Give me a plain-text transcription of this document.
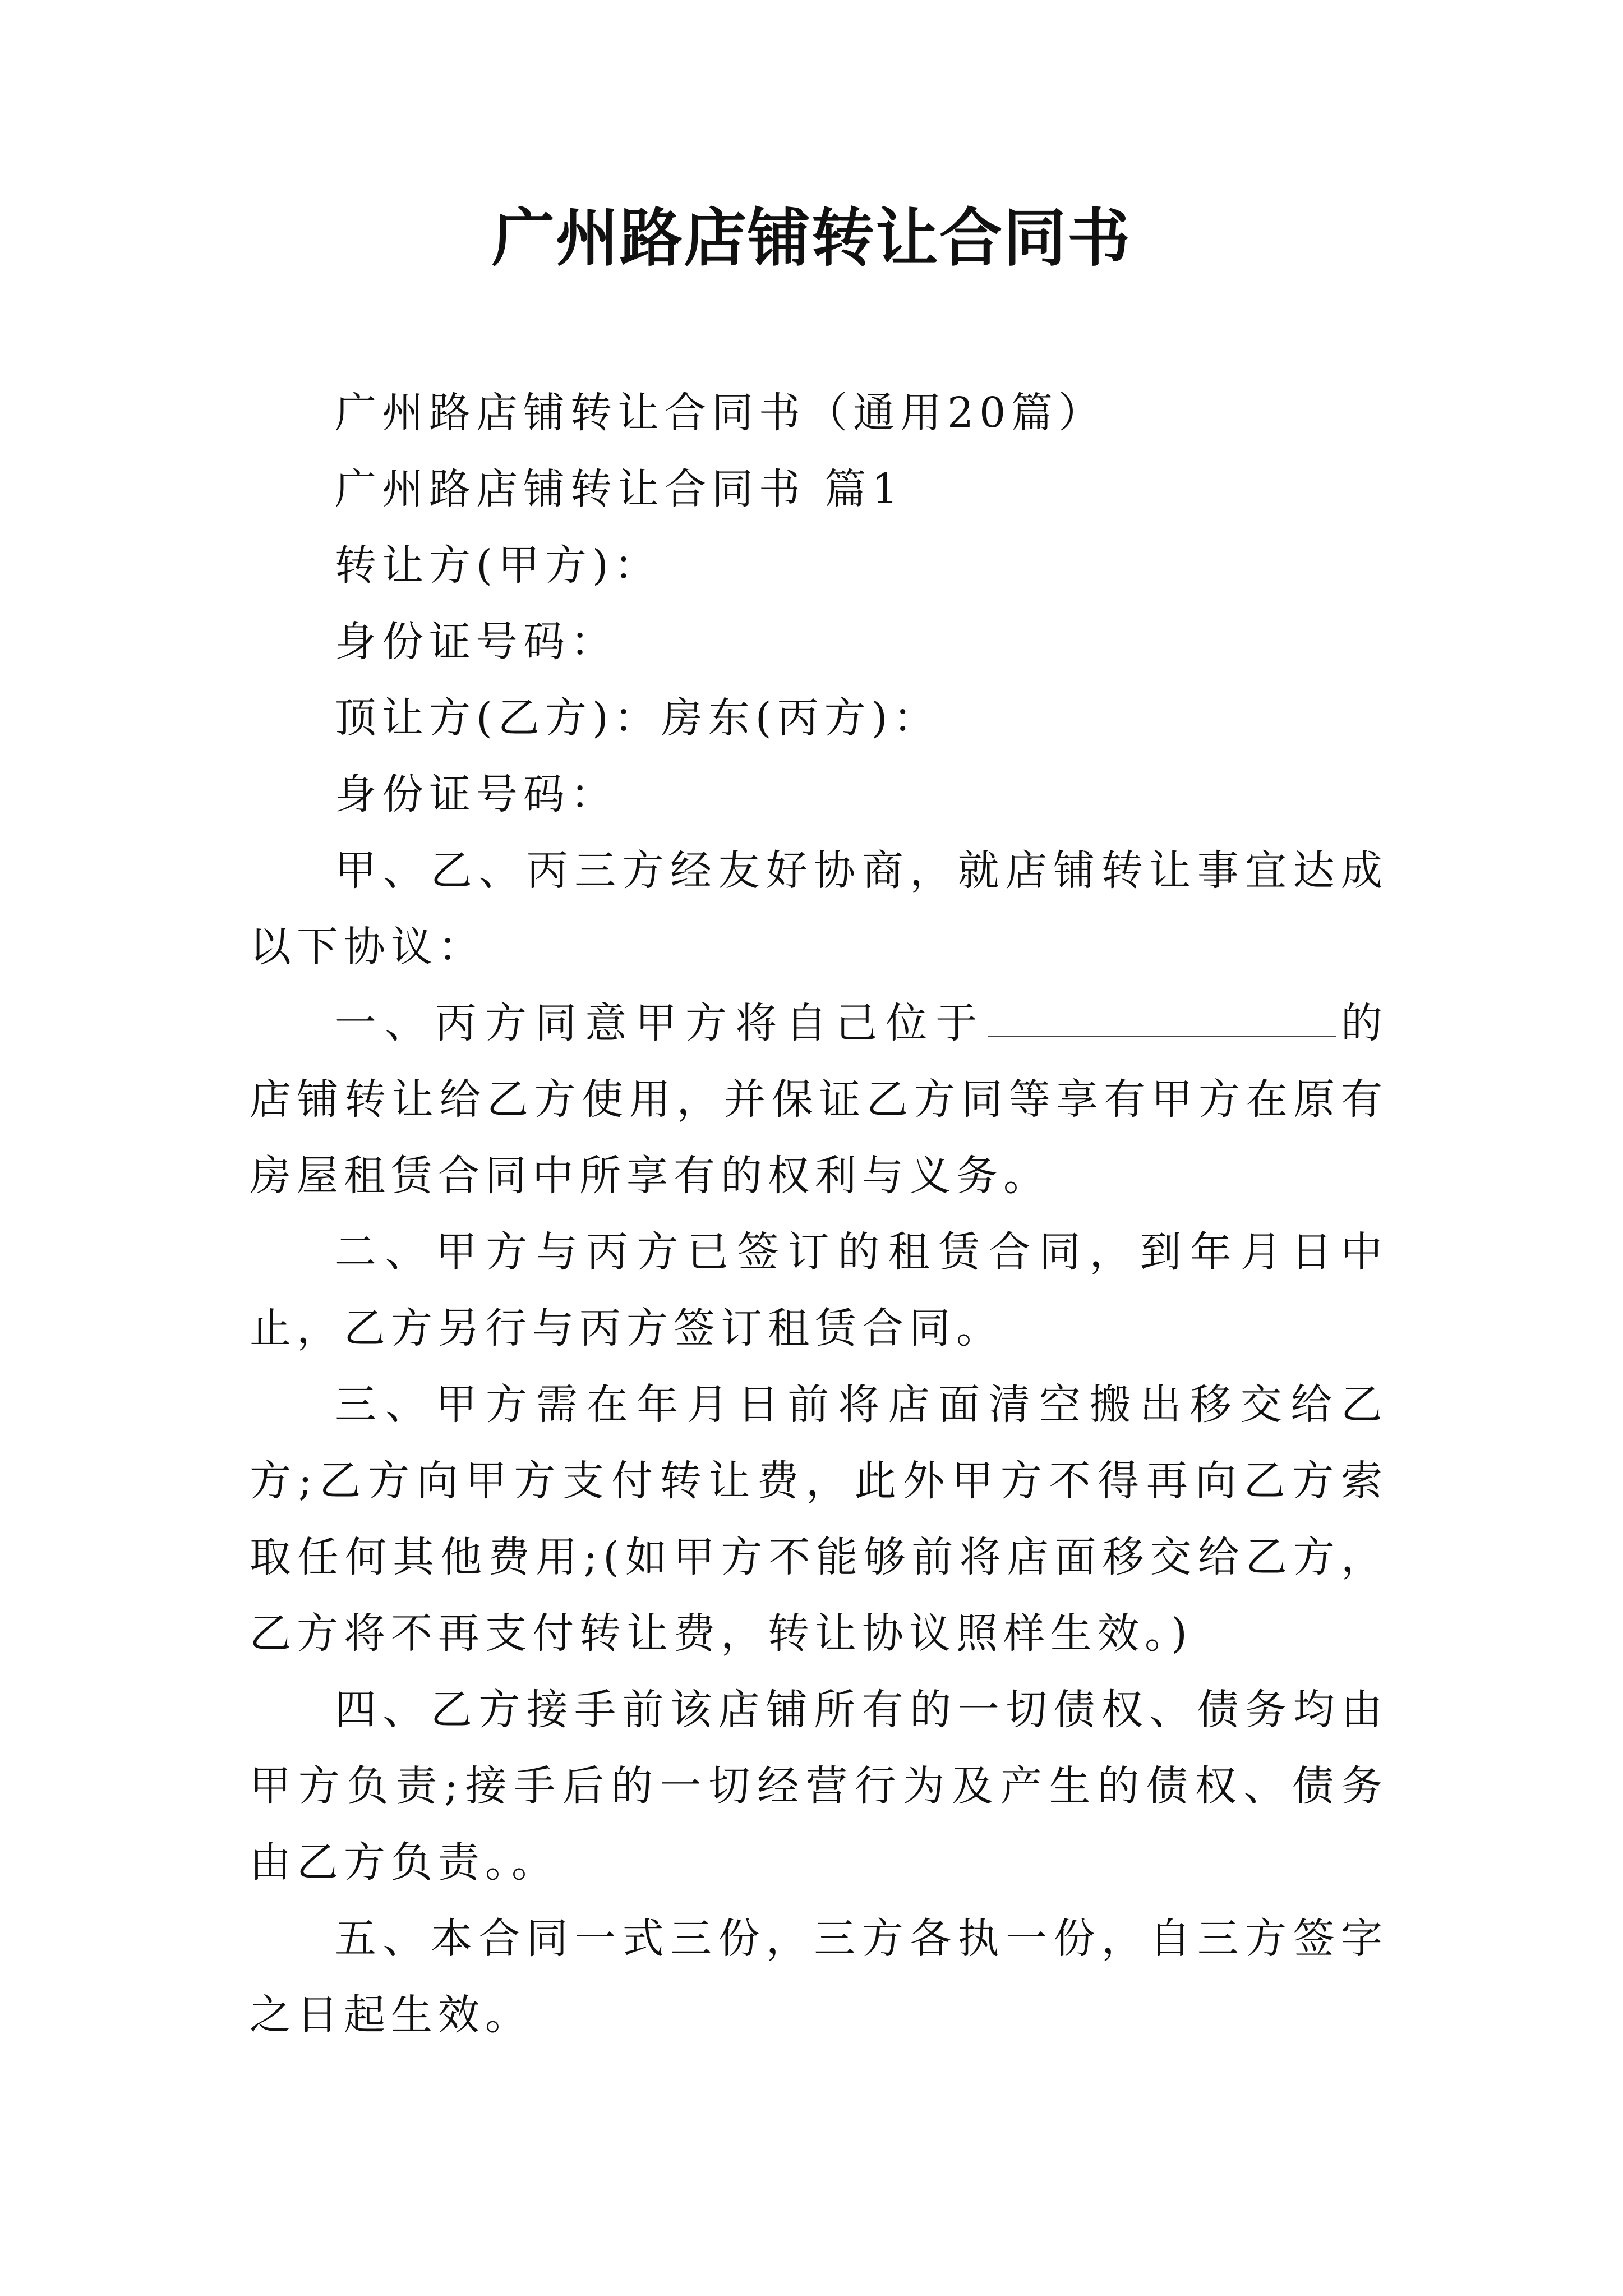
广州路店铺转让合同书

广州路店铺转让合同书（通用20篇）

广州路店铺转让合同书 篇1

转让方(甲方)：

身份证号码：

顶让方(乙方)：房东(丙方)：

身份证号码：

甲、乙、丙三方经友好协商，就店铺转让事宜达成以下协议：

一、丙方同意甲方将自己位于	的店铺转让给乙方使用，并保证乙方同等享有甲方在原有房屋租赁合同中所享有的权利与义务。

二、甲方与丙方已签订的租赁合同，到年月日中止，乙方另行与丙方签订租赁合同。

三、甲方需在年月日前将店面清空搬出移交给乙方;乙方向甲方支付转让费，此外甲方不得再向乙方索取任何其他费用;(如甲方不能够前将店面移交给乙方，乙方将不再支付转让费，转让协议照样生效。)

四、乙方接手前该店铺所有的一切债权、债务均由甲方负责;接手后的一切经营行为及产生的债权、债务由乙方负责。。

五、本合同一式三份，三方各执一份，自三方签字之日起生效。
